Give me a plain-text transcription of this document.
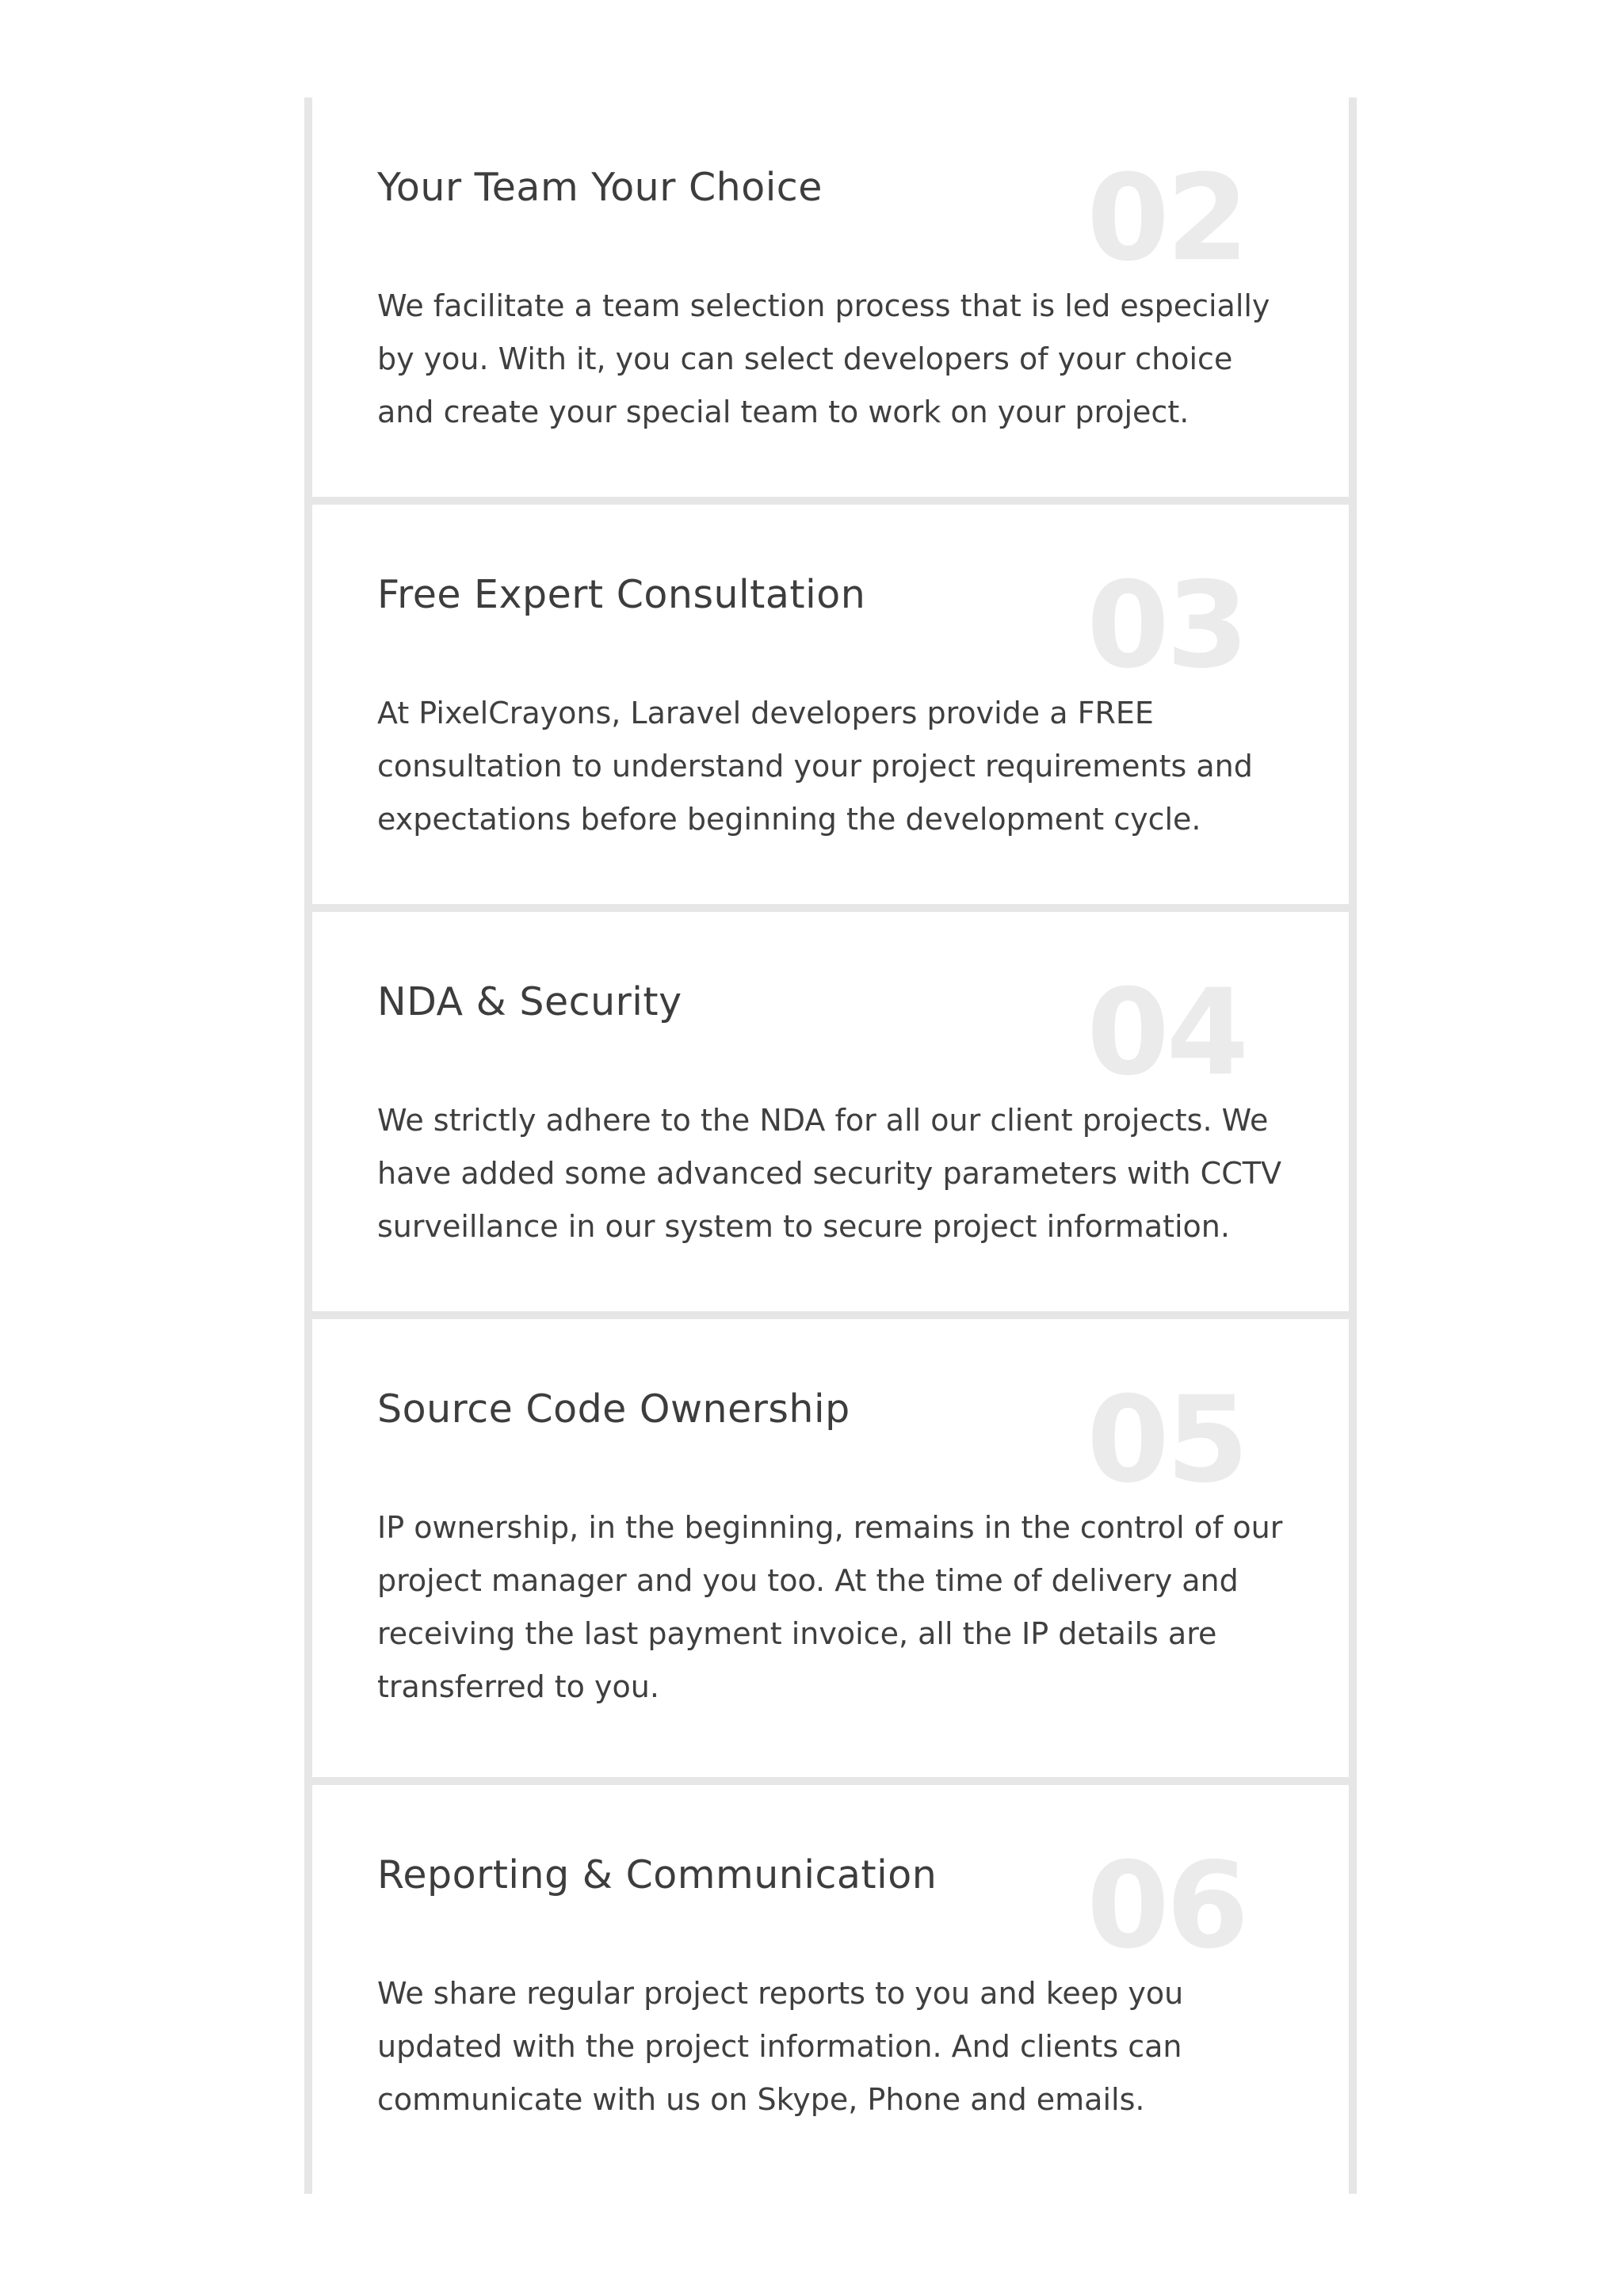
02
Your Team Your Choice

We facilitate a team selection process that is led especially by you. With it, you can select developers of your choice and create your special team to work on your project.

03
Free Expert Consultation

At PixelCrayons, Laravel developers provide a FREE consultation to understand your project requirements and expectations before beginning the development cycle.

04
NDA & Security

We strictly adhere to the NDA for all our client projects. We have added some advanced security parameters with CCTV surveillance in our system to secure project information.

05
Source Code Ownership

IP ownership, in the beginning, remains in the control of our project manager and you too. At the time of delivery and receiving the last payment invoice, all the IP details are transferred to you.

06
Reporting & Communication

We share regular project reports to you and keep you updated with the project information. And clients can communicate with us on Skype, Phone and emails.
